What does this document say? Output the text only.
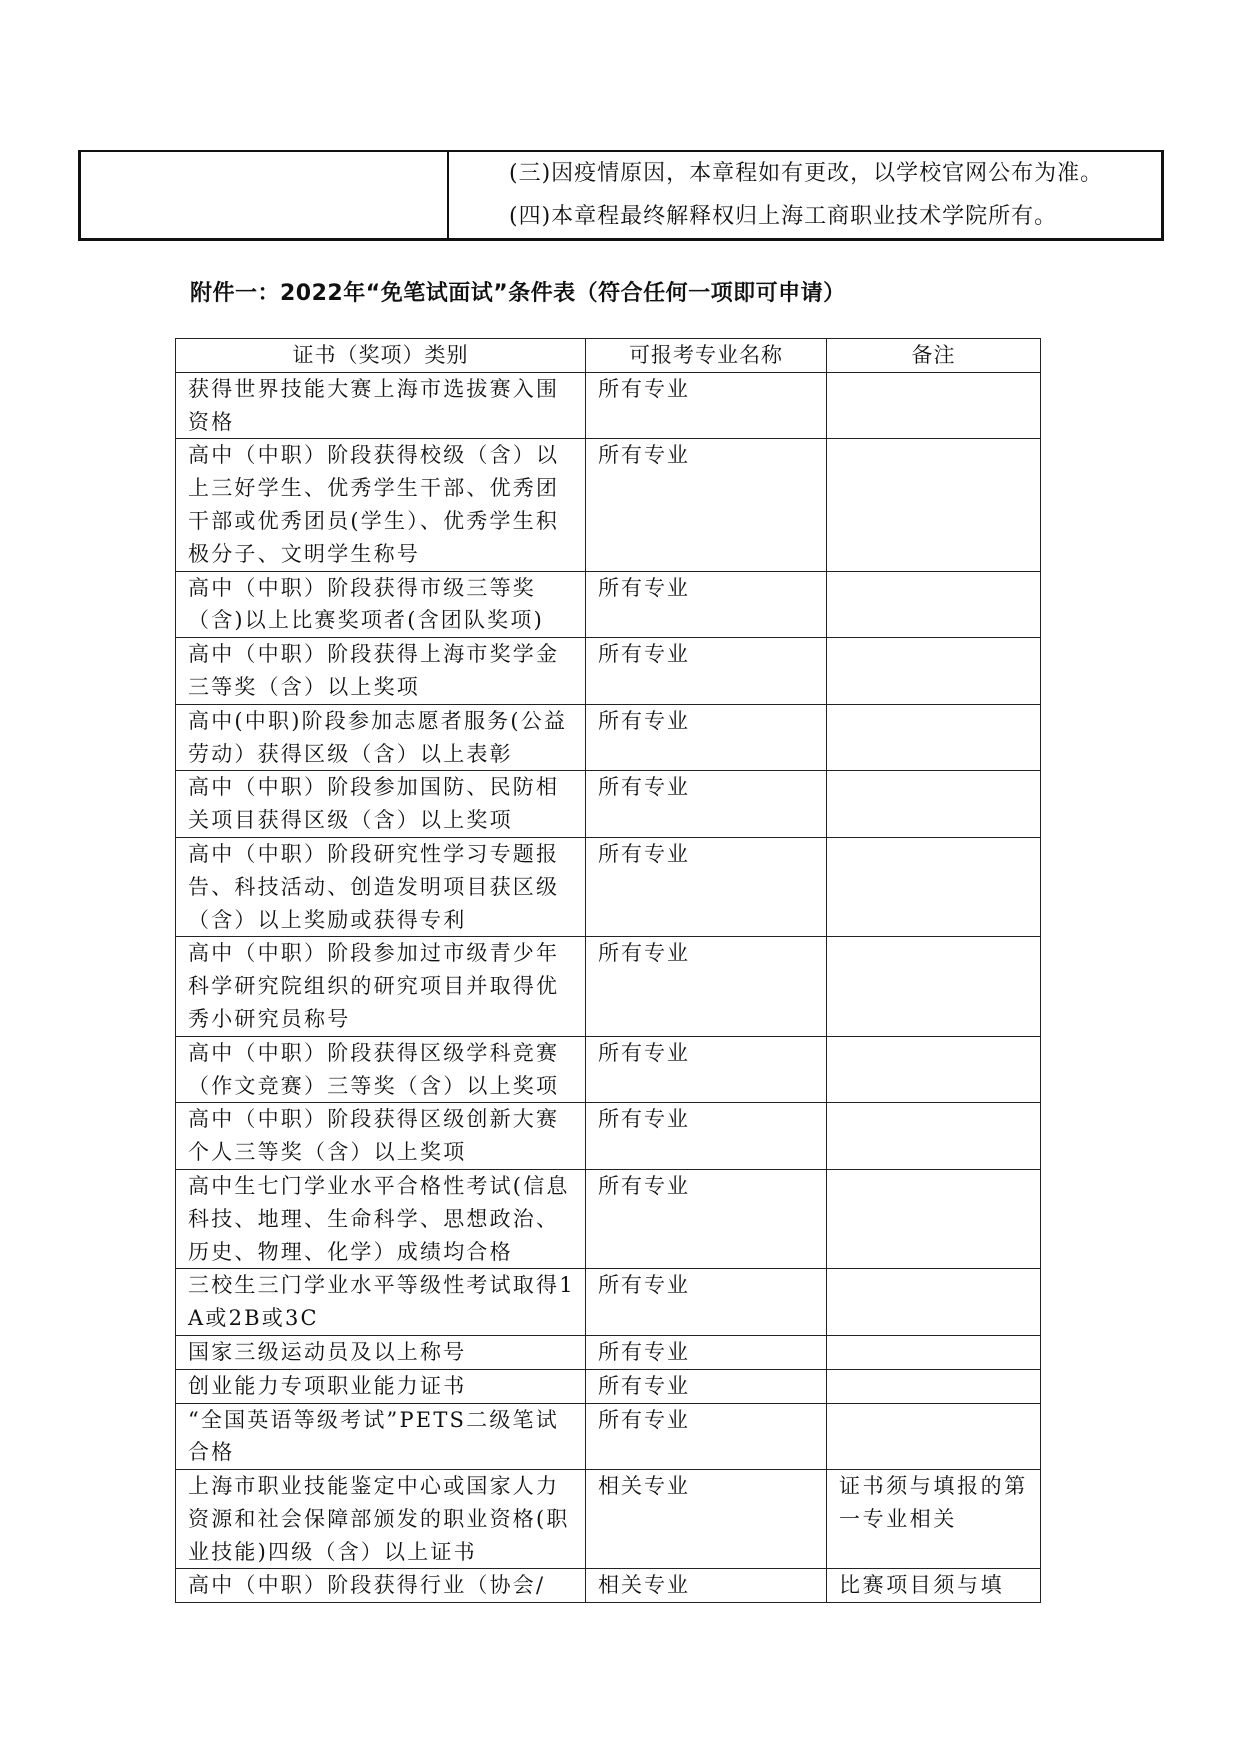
(三)因疫情原因，本章程如有更改，以学校官网公布为准。
(四)本章程最终解释权归上海工商职业技术学院所有。
附件一：2022年“免笔试面试”条件表（符合任何一项即可申请）
证书（奖项）类别	可报考专业名称	备注
获得世界技能大赛上海市选拔赛入围资格	所有专业	
高中（中职）阶段获得校级（含）以上三好学生、优秀学生干部、优秀团干部或优秀团员(学生）、优秀学生积极分子、文明学生称号	所有专业	
高中（中职）阶段获得市级三等奖（含)以上比赛奖项者(含团队奖项)	所有专业	
高中（中职）阶段获得上海市奖学金三等奖（含）以上奖项	所有专业	
高中(中职)阶段参加志愿者服务(公益劳动）获得区级（含）以上表彰	所有专业	
高中（中职）阶段参加国防、民防相关项目获得区级（含）以上奖项	所有专业	
高中（中职）阶段研究性学习专题报告、科技活动、创造发明项目获区级（含）以上奖励或获得专利	所有专业	
高中（中职）阶段参加过市级青少年科学研究院组织的研究项目并取得优秀小研究员称号	所有专业	
高中（中职）阶段获得区级学科竞赛（作文竞赛）三等奖（含）以上奖项	所有专业	
高中（中职）阶段获得区级创新大赛个人三等奖（含）以上奖项	所有专业	
高中生七门学业水平合格性考试(信息科技、地理、生命科学、思想政治、历史、物理、化学）成绩均合格	所有专业	
三校生三门学业水平等级性考试取得1A或2B或3C	所有专业	
国家三级运动员及以上称号	所有专业	
创业能力专项职业能力证书	所有专业	
“全国英语等级考试”PETS二级笔试合格	所有专业	
上海市职业技能鉴定中心或国家人力资源和社会保障部颁发的职业资格(职业技能)四级（含）以上证书	相关专业	证书须与填报的第一专业相关
高中（中职）阶段获得行业（协会/	相关专业	比赛项目须与填
